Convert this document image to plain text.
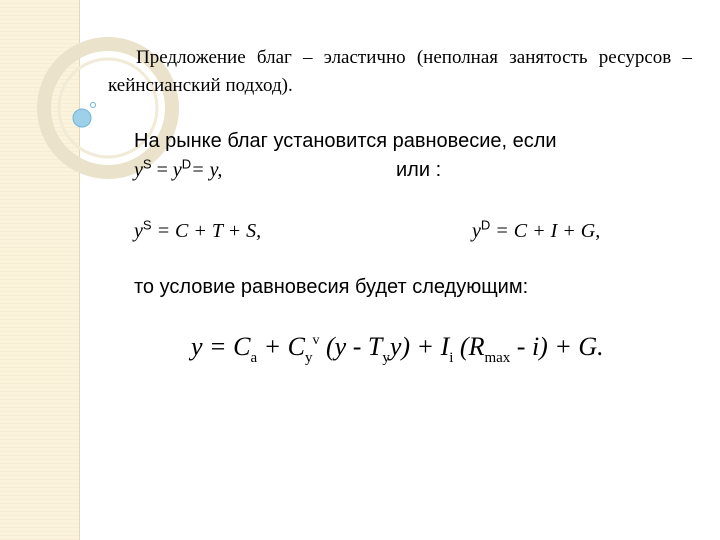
Предложение благ – эластично (неполная занятость ресурсов – кейнсианский подход).

На рынке благ установится равновесие, если
$y^S = y^D= y$,	или :
$y^S = C + T + S$,	$y^D = C + I + G$,
то условие равновесия будет следующим:
$y = C_a + C_y^v$ $(y - T_yy) + I_i$ $(R_{max} - i) + G$.
